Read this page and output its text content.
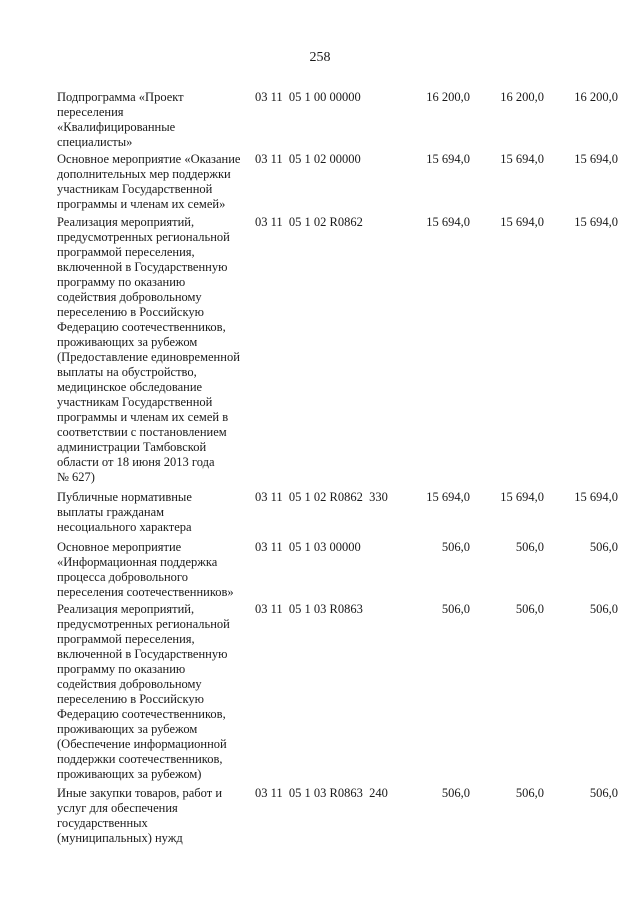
258
Подпрограмма «Проект
переселения
«Квалифицированные
специалисты»
03 11  05 1 00 00000	16 200,0	16 200,0	16 200,0
Основное мероприятие «Оказание
дополнительных мер поддержки
участникам Государственной
программы и членам их семей»
03 11  05 1 02 00000	15 694,0	15 694,0	15 694,0
Реализация мероприятий,
предусмотренных региональной
программой переселения,
включенной в Государственную
программу по оказанию
содействия добровольному
переселению в Российскую
Федерацию соотечественников,
проживающих за рубежом
(Предоставление единовременной
выплаты на обустройство,
медицинское обследование
участникам Государственной
программы и членам их семей в
соответствии с постановлением
администрации Тамбовской
области от 18 июня 2013 года
№ 627)
03 11  05 1 02 R0862	15 694,0	15 694,0	15 694,0
Публичные нормативные
выплаты гражданам
несоциального характера
03 11  05 1 02 R0862  330	15 694,0	15 694,0	15 694,0
Основное мероприятие
«Информационная поддержка
процесса добровольного
переселения соотечественников»
03 11  05 1 03 00000	506,0	506,0	506,0
Реализация мероприятий,
предусмотренных региональной
программой переселения,
включенной в Государственную
программу по оказанию
содействия добровольному
переселению в Российскую
Федерацию соотечественников,
проживающих за рубежом
(Обеспечение информационной
поддержки соотечественников,
проживающих за рубежом)
03 11  05 1 03 R0863	506,0	506,0	506,0
Иные закупки товаров, работ и
услуг для обеспечения
государственных
(муниципальных) нужд
03 11  05 1 03 R0863  240	506,0	506,0	506,0
